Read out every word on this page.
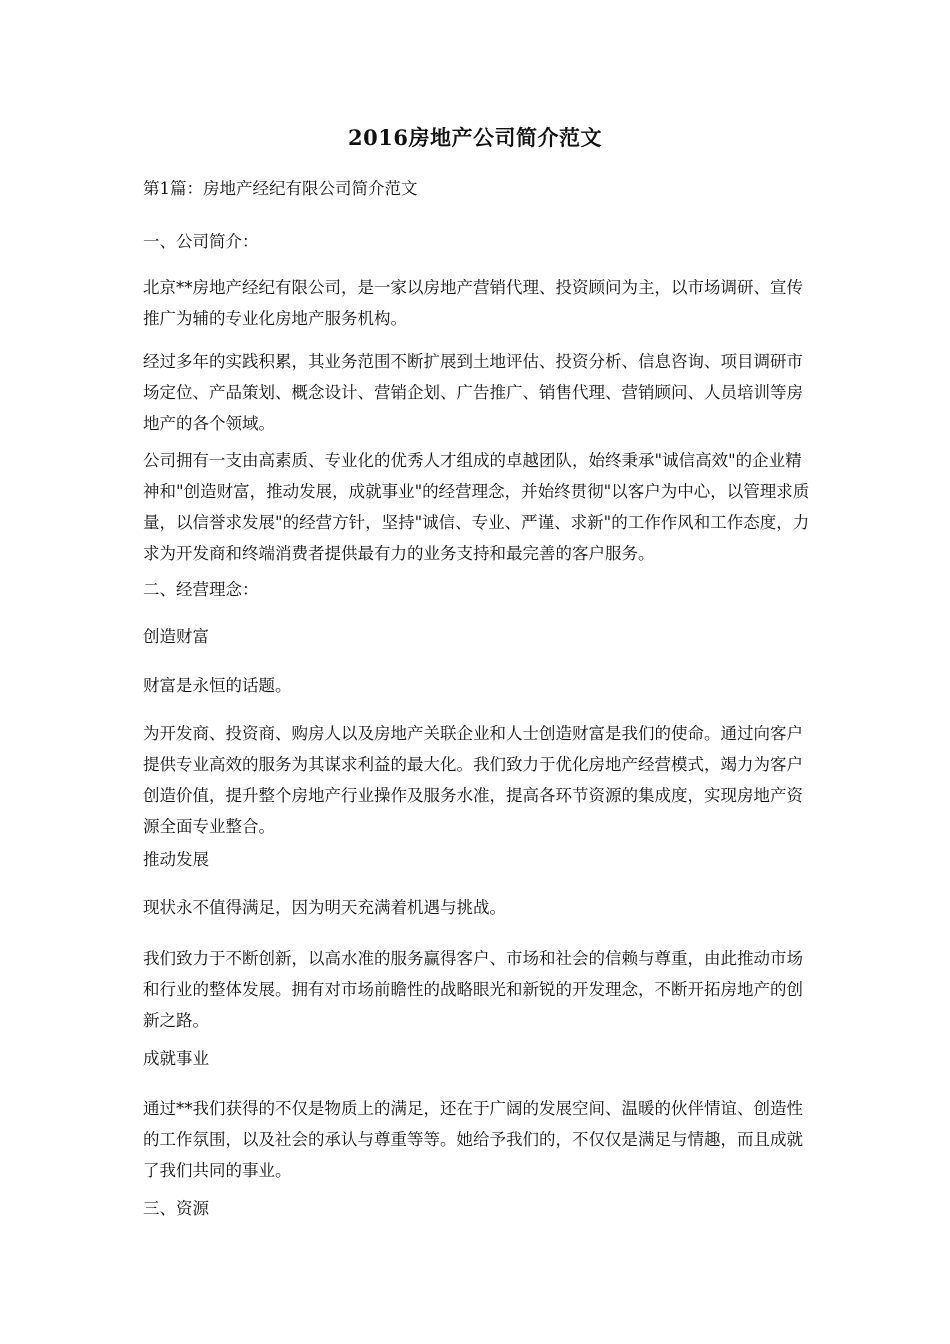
2016房地产公司简介范文

第1篇：房地产经纪有限公司简介范文

一、公司简介：

北京**房地产经纪有限公司，是一家以房地产营销代理、投资顾问为主，以市场调研、宣传推广为辅的专业化房地产服务机构。

经过多年的实践积累，其业务范围不断扩展到土地评估、投资分析、信息咨询、项目调研市场定位、产品策划、概念设计、营销企划、广告推广、销售代理、营销顾问、人员培训等房地产的各个领域。

公司拥有一支由高素质、专业化的优秀人才组成的卓越团队，始终秉承"诚信高效"的企业精神和"创造财富，推动发展，成就事业"的经营理念，并始终贯彻"以客户为中心，以管理求质量，以信誉求发展"的经营方针，坚持"诚信、专业、严谨、求新"的工作作风和工作态度，力求为开发商和终端消费者提供最有力的业务支持和最完善的客户服务。

二、经营理念：

创造财富

财富是永恒的话题。

为开发商、投资商、购房人以及房地产关联企业和人士创造财富是我们的使命。通过向客户提供专业高效的服务为其谋求利益的最大化。我们致力于优化房地产经营模式，竭力为客户创造价值，提升整个房地产行业操作及服务水准，提高各环节资源的集成度，实现房地产资源全面专业整合。

推动发展

现状永不值得满足，因为明天充满着机遇与挑战。

我们致力于不断创新，以高水准的服务赢得客户、市场和社会的信赖与尊重，由此推动市场和行业的整体发展。拥有对市场前瞻性的战略眼光和新锐的开发理念，不断开拓房地产的创新之路。

成就事业

通过**我们获得的不仅是物质上的满足，还在于广阔的发展空间、温暖的伙伴情谊、创造性的工作氛围，以及社会的承认与尊重等等。她给予我们的，不仅仅是满足与情趣，而且成就了我们共同的事业。

三、资源
